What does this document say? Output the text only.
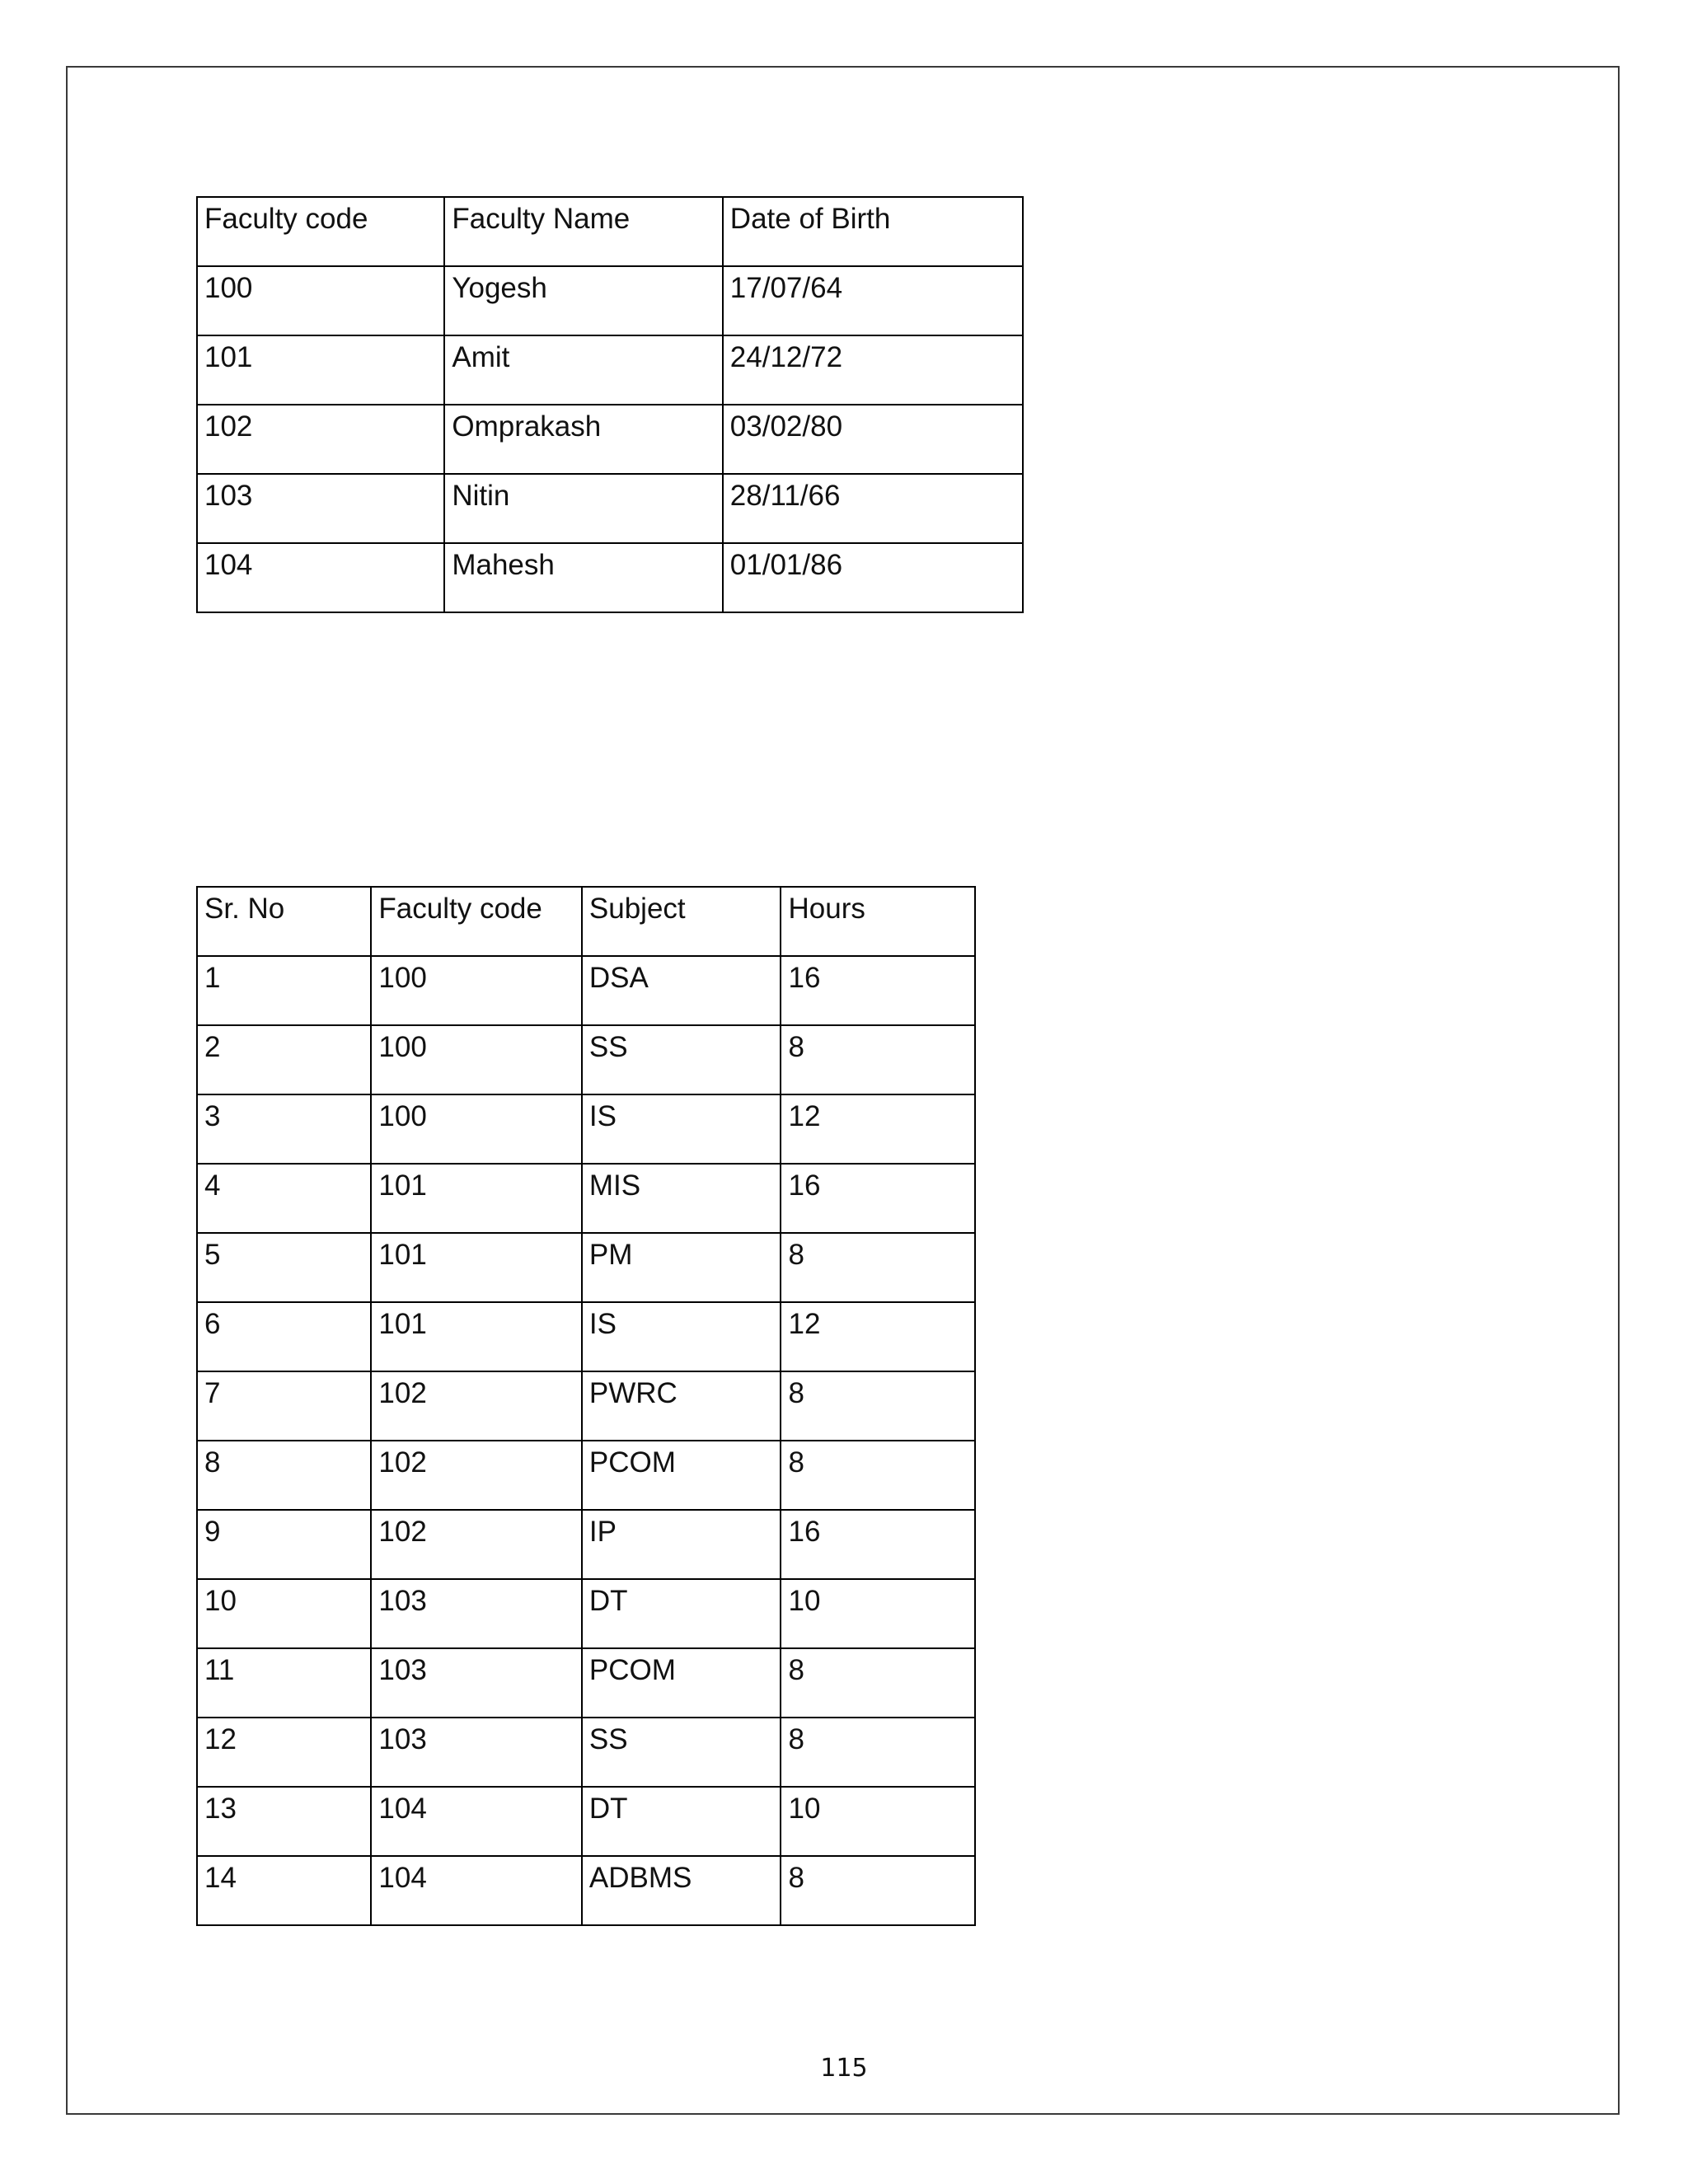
Faculty code	Faculty Name	Date of Birth
100	Yogesh	17/07/64
101	Amit	24/12/72
102	Omprakash	03/02/80
103	Nitin	28/11/66
104	Mahesh	01/01/86
Sr. No	Faculty code	Subject	Hours
1	100	DSA	16
2	100	SS	8
3	100	IS	12
4	101	MIS	16
5	101	PM	8
6	101	IS	12
7	102	PWRC	8
8	102	PCOM	8
9	102	IP	16
10	103	DT	10
11	103	PCOM	8
12	103	SS	8
13	104	DT	10
14	104	ADBMS	8
115
